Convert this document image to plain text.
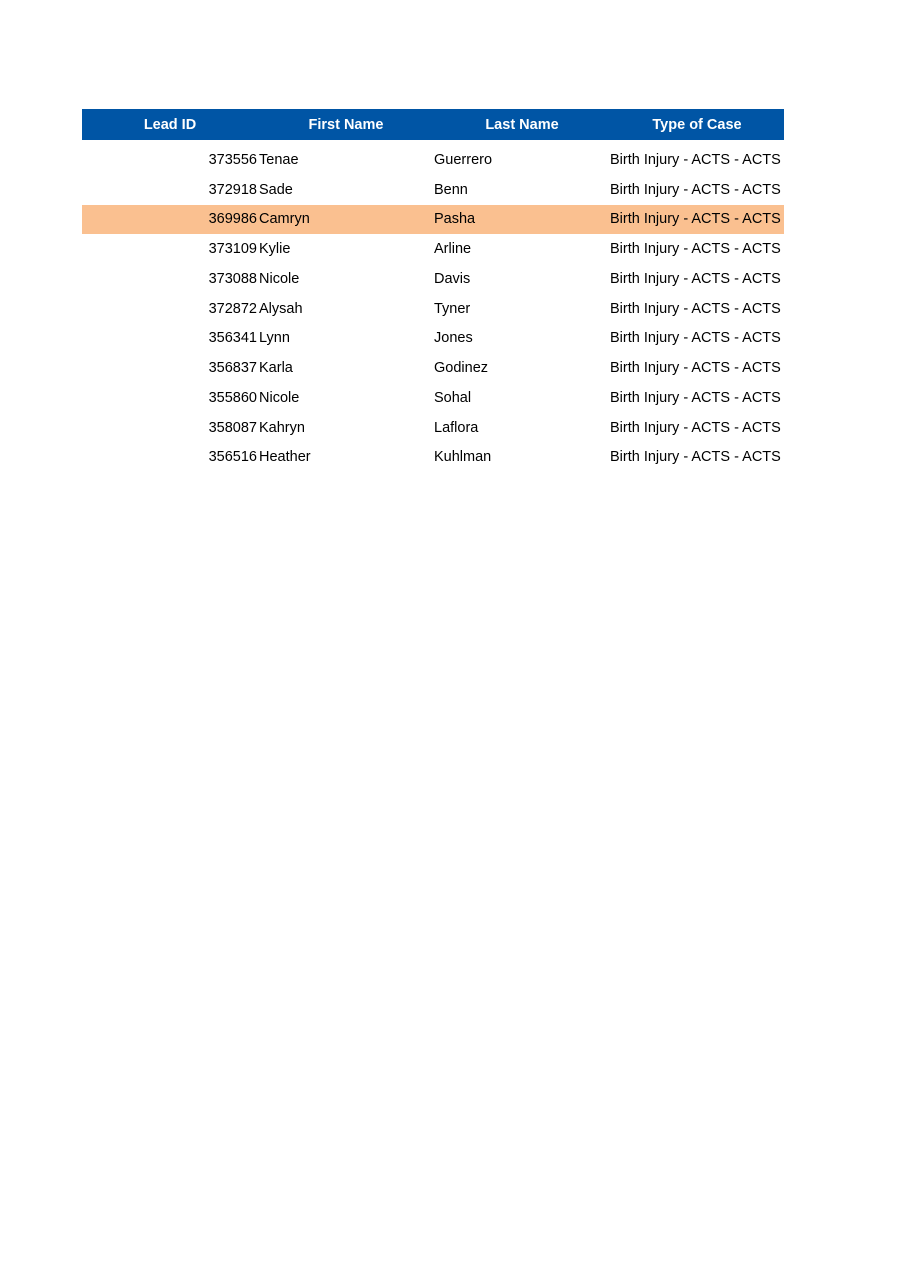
Lead ID	First Name	Last Name	Type of Case
373556 Tenae	Guerrero	Birth Injury - ACTS - ACTS
372918 Sade	Benn	Birth Injury - ACTS - ACTS
369986 Camryn	Pasha	Birth Injury - ACTS - ACTS
373109 Kylie	Arline	Birth Injury - ACTS - ACTS
373088 Nicole	Davis	Birth Injury - ACTS - ACTS
372872 Alysah	Tyner	Birth Injury - ACTS - ACTS
356341 Lynn	Jones	Birth Injury - ACTS - ACTS
356837 Karla	Godinez	Birth Injury - ACTS - ACTS
355860 Nicole	Sohal	Birth Injury - ACTS - ACTS
358087 Kahryn	Laflora	Birth Injury - ACTS - ACTS
356516 Heather	Kuhlman	Birth Injury - ACTS - ACTS
